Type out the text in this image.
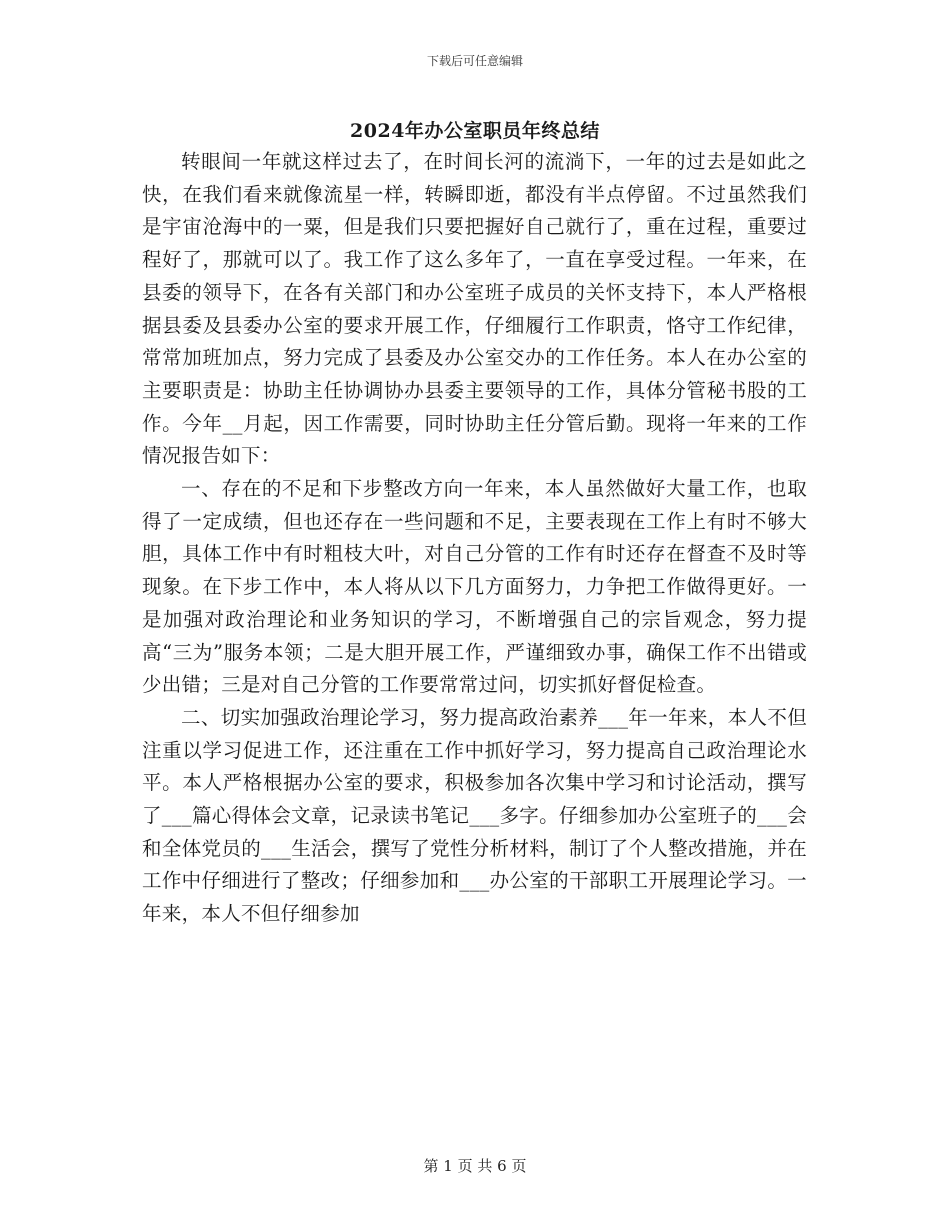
下载后可任意编辑
2024年办公室职员年终总结

转眼间一年就这样过去了，在时间长河的流淌下，一年的过去是如此之快，在我们看来就像流星一样，转瞬即逝，都没有半点停留。不过虽然我们是宇宙沧海中的一粟，但是我们只要把握好自己就行了，重在过程，重要过程好了，那就可以了。我工作了这么多年了，一直在享受过程。一年来，在县委的领导下，在各有关部门和办公室班子成员的关怀支持下，本人严格根据县委及县委办公室的要求开展工作，仔细履行工作职责，恪守工作纪律，常常加班加点，努力完成了县委及办公室交办的工作任务。本人在办公室的主要职责是：协助主任协调协办县委主要领导的工作，具体分管秘书股的工作。今年__月起，因工作需要，同时协助主任分管后勤。现将一年来的工作情况报告如下：

一、存在的不足和下步整改方向一年来，本人虽然做好大量工作，也取得了一定成绩，但也还存在一些问题和不足，主要表现在工作上有时不够大胆，具体工作中有时粗枝大叶，对自己分管的工作有时还存在督查不及时等现象。在下步工作中，本人将从以下几方面努力，力争把工作做得更好。一是加强对政治理论和业务知识的学习，不断增强自己的宗旨观念，努力提高“三为”服务本领；二是大胆开展工作，严谨细致办事，确保工作不出错或少出错；三是对自己分管的工作要常常过问，切实抓好督促检查。

二、切实加强政治理论学习，努力提高政治素养___年一年来，本人不但注重以学习促进工作，还注重在工作中抓好学习，努力提高自己政治理论水平。本人严格根据办公室的要求，积极参加各次集中学习和讨论活动，撰写了___篇心得体会文章，记录读书笔记___多字。仔细参加办公室班子的___会和全体党员的___生活会，撰写了党性分析材料，制订了个人整改措施，并在工作中仔细进行了整改；仔细参加和___办公室的干部职工开展理论学习。一年来，本人不但仔细参加

第 1 页 共 6 页
